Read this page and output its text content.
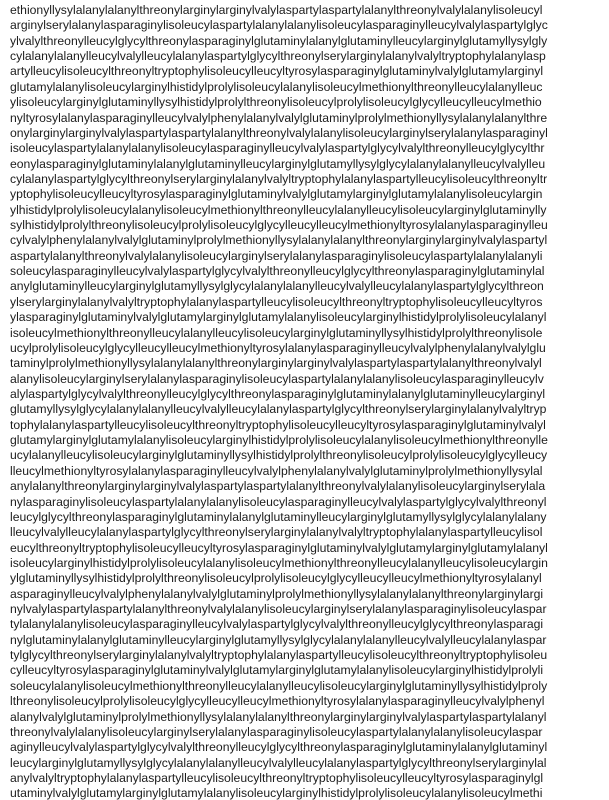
ethionyllysylalanylalanylthreonylarginylarginylvalylaspartylaspartylalanylthreonylvalylalanylisoleucyl
arginylserylalanylasparaginylisoleucylaspartylalanylalanylisoleucylasparaginylleucylvalylaspartylglyc
ylvalylthreonylleucylglycylthreonylasparaginylglutaminylalanylglutaminylleucylarginylglutamyllysylgly
cylalanylalanylleucylvalylleucylalanylaspartylglycylthreonylserylarginylalanylvalyltryptophylalanylasp
artylleucylisoleucylthreonyltryptophylisoleucylleucyltyrosylasparaginylglutaminylvalylglutamylarginyl
glutamylalanylisoleucylarginylhistidylprolylisoleucylalanylisoleucylmethionylthreonylleucylalanylleuc
ylisoleucylarginylglutaminyllysylhistidylprolylthreonylisoleucylprolylisoleucylglycylleucylleucylmethio
nyltyrosylalanylasparaginylleucylvalylphenylalanylvalylglutaminylprolylmethionyllysylalanylalanylthre
onylarginylarginylvalylaspartylaspartylalanylthreonylvalylalanylisoleucylarginylserylalanylasparaginyl
isoleucylaspartylalanylalanylisoleucylasparaginylleucylvalylaspartylglycylvalylthreonylleucylglycylthr
eonylasparaginylglutaminylalanylglutaminylleucylarginylglutamyllysylglycylalanylalanylleucylvalylleu
cylalanylaspartylglycylthreonylserylarginylalanylvalyltryptophylalanylaspartylleucylisoleucylthreonyltr
yptophylisoleucylleucyltyrosylasparaginylglutaminylvalylglutamylarginylglutamylalanylisoleucylargin
ylhistidylprolylisoleucylalanylisoleucylmethionylthreonylleucylalanylleucylisoleucylarginylglutaminylly
sylhistidylprolylthreonylisoleucylprolylisoleucylglycylleucylleucylmethionyltyrosylalanylasparaginylleu
cylvalylphenylalanylvalylglutaminylprolylmethionyllysylalanylalanylthreonylarginylarginylvalylaspartyl
aspartylalanylthreonylvalylalanylisoleucylarginylserylalanylasparaginylisoleucylaspartylalanylalanyli
soleucylasparaginylleucylvalylaspartylglycylvalylthreonylleucylglycylthreonylasparaginylglutaminylal
anylglutaminylleucylarginylglutamyllysylglycylalanylalanylleucylvalylleucylalanylaspartylglycylthreon
ylserylarginylalanylvalyltryptophylalanylaspartylleucylisoleucylthreonyltryptophylisoleucylleucyltyros
ylasparaginylglutaminylvalylglutamylarginylglutamylalanylisoleucylarginylhistidylprolylisoleucylalanyl
isoleucylmethionylthreonylleucylalanylleucylisoleucylarginylglutaminyllysylhistidylprolylthreonylisole
ucylprolylisoleucylglycylleucylleucylmethionyltyrosylalanylasparaginylleucylvalylphenylalanylvalylglu
taminylprolylmethionyllysylalanylalanylthreonylarginylarginylvalylaspartylaspartylalanylthreonylvalyl
alanylisoleucylarginylserylalanylasparaginylisoleucylaspartylalanylalanylisoleucylasparaginylleucylv
alylaspartylglycylvalylthreonylleucylglycylthreonylasparaginylglutaminylalanylglutaminylleucylarginyl
glutamyllysylglycylalanylalanylleucylvalylleucylalanylaspartylglycylthreonylserylarginylalanylvalyltryp
tophylalanylaspartylleucylisoleucylthreonyltryptophylisoleucylleucyltyrosylasparaginylglutaminylvalyl
glutamylarginylglutamylalanylisoleucylarginylhistidylprolylisoleucylalanylisoleucylmethionylthreonylle
ucylalanylleucylisoleucylarginylglutaminyllysylhistidylprolylthreonylisoleucylprolylisoleucylglycylleucy
lleucylmethionyltyrosylalanylasparaginylleucylvalylphenylalanylvalylglutaminylprolylmethionyllysylal
anylalanylthreonylarginylarginylvalylaspartylaspartylalanylthreonylvalylalanylisoleucylarginylserylala
nylasparaginylisoleucylaspartylalanylalanylisoleucylasparaginylleucylvalylaspartylglycylvalylthreonyl
leucylglycylthreonylasparaginylglutaminylalanylglutaminylleucylarginylglutamyllysylglycylalanylalany
lleucylvalylleucylalanylaspartylglycylthreonylserylarginylalanylvalyltryptophylalanylaspartylleucylisol
eucylthreonyltryptophylisoleucylleucyltyrosylasparaginylglutaminylvalylglutamylarginylglutamylalanyl
isoleucylarginylhistidylprolylisoleucylalanylisoleucylmethionylthreonylleucylalanylleucylisoleucylargin
ylglutaminyllysylhistidylprolylthreonylisoleucylprolylisoleucylglycylleucylleucylmethionyltyrosylalanyl
asparaginylleucylvalylphenylalanylvalylglutaminylprolylmethionyllysylalanylalanylthreonylarginylargi
nylvalylaspartylaspartylalanylthreonylvalylalanylisoleucylarginylserylalanylasparaginylisoleucylaspar
tylalanylalanylisoleucylasparaginylleucylvalylaspartylglycylvalylthreonylleucylglycylthreonylasparagi
nylglutaminylalanylglutaminylleucylarginylglutamyllysylglycylalanylalanylleucylvalylleucylalanylaspar
tylglycylthreonylserylarginylalanylvalyltryptophylalanylaspartylleucylisoleucylthreonyltryptophylisoleu
cylleucyltyrosylasparaginylglutaminylvalylglutamylarginylglutamylalanylisoleucylarginylhistidylprolyli
soleucylalanylisoleucylmethionylthreonylleucylalanylleucylisoleucylarginylglutaminyllysylhistidylproly
lthreonylisoleucylprolylisoleucylglycylleucylleucylmethionyltyrosylalanylasparaginylleucylvalylphenyl
alanylvalylglutaminylprolylmethionyllysylalanylalanylthreonylarginylarginylvalylaspartylaspartylalanyl
threonylvalylalanylisoleucylarginylserylalanylasparaginylisoleucylaspartylalanylalanylisoleucylaspar
aginylleucylvalylaspartylglycylvalylthreonylleucylglycylthreonylasparaginylglutaminylalanylglutaminyl
leucylarginylglutamyllysylglycylalanylalanylleucylvalylleucylalanylaspartylglycylthreonylserylarginylal
anylvalyltryptophylalanylaspartylleucylisoleucylthreonyltryptophylisoleucylleucyltyrosylasparaginylgl
utaminylvalylglutamylarginylglutamylalanylisoleucylarginylhistidylprolylisoleucylalanylisoleucylmethi
